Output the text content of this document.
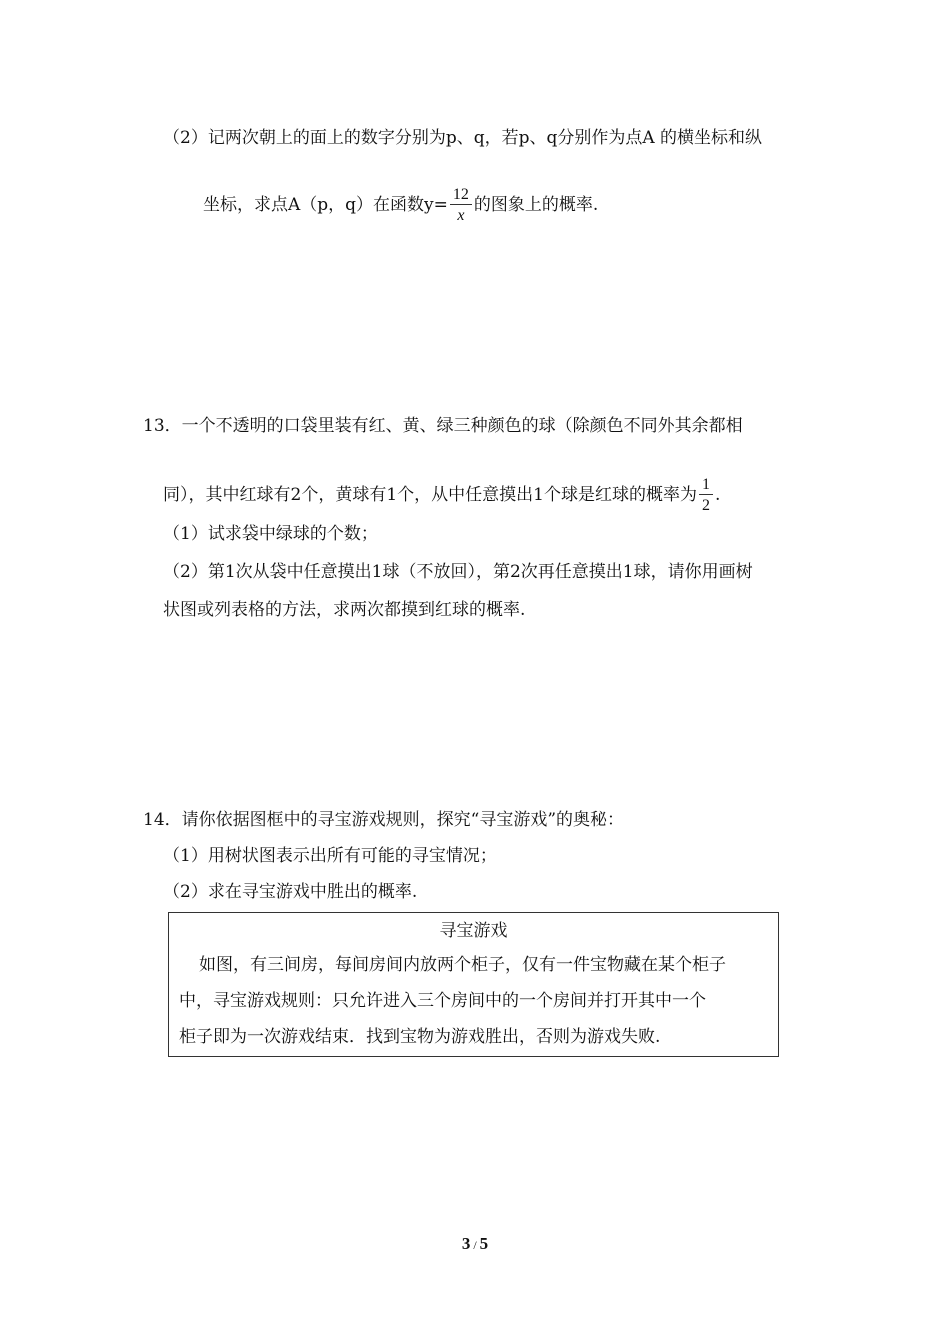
（2）记两次朝上的面上的数字分别为p、q，若p、q分别作为点A 的横坐标和纵
坐标，求点A（p，q）在函数$y= \frac{12}{x}$ 的图象上的概率.
13．一个不透明的口袋里装有红、黄、绿三种颜色的球（除颜色不同外其余都相
同），其中红球有2个，黄球有1个，从中任意摸出1个球是红球的概率为 $\frac{1}{2}$ .
（1）试求袋中绿球的个数；
（2）第1次从袋中任意摸出1球（不放回），第2次再任意摸出1球，请你用画树
状图或列表格的方法，求两次都摸到红球的概率.
14．请你依据图框中的寻宝游戏规则，探究“寻宝游戏”的奥秘：
（1）用树状图表示出所有可能的寻宝情况；
（2）求在寻宝游戏中胜出的概率.
寻宝游戏
如图，有三间房，每间房间内放两个柜子，仅有一件宝物藏在某个柜子
中，寻宝游戏规则：只允许进入三个房间中的一个房间并打开其中一个
柜子即为一次游戏结束．找到宝物为游戏胜出，否则为游戏失败.
3 / 5
